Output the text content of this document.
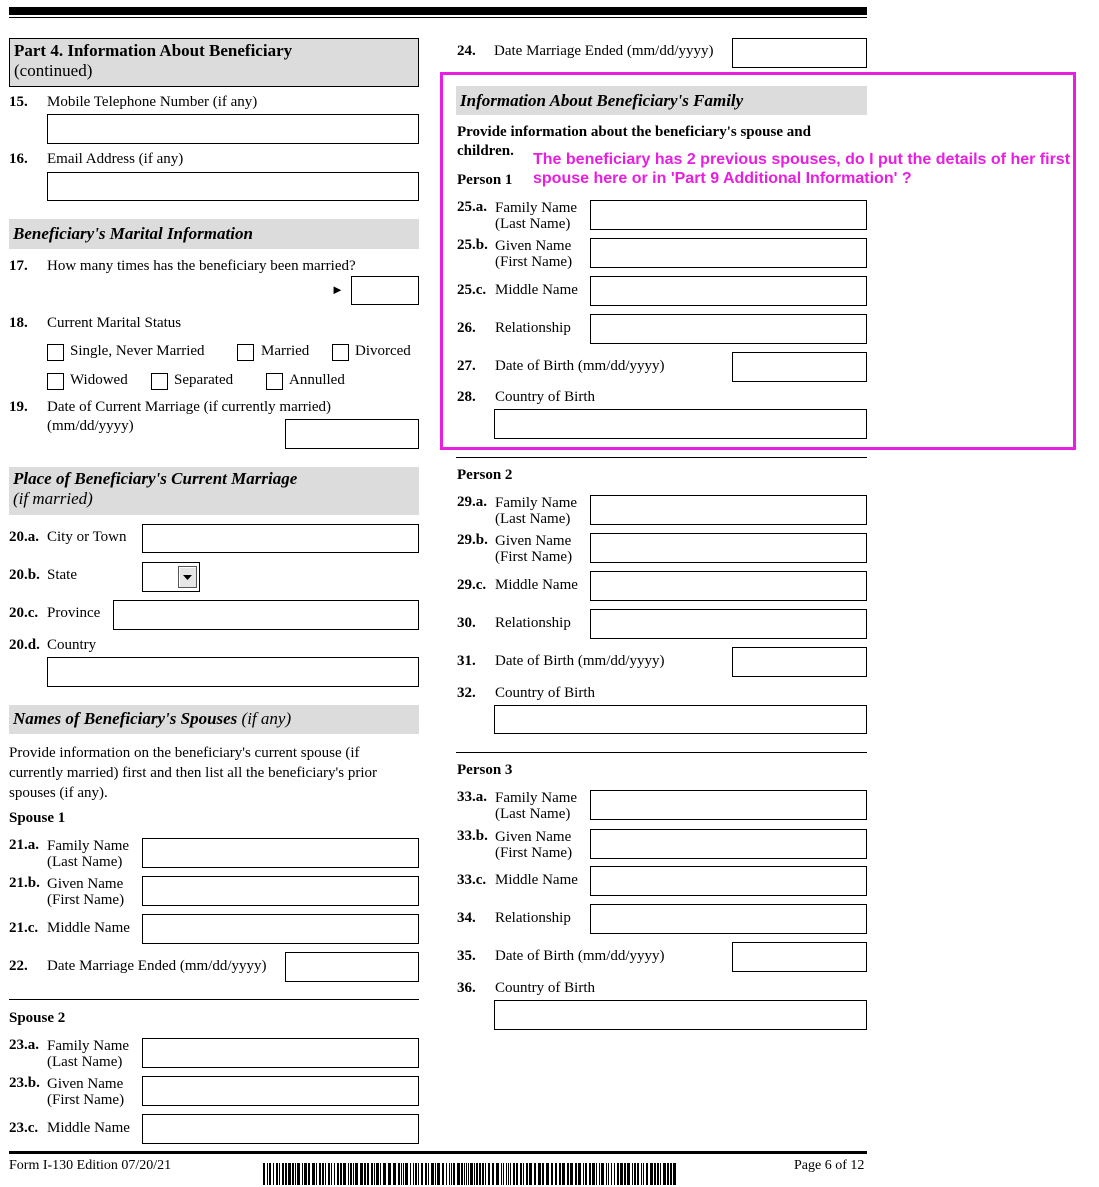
Part 4. Information About Beneficiary
(continued)
15. Mobile Telephone Number (if any)
16. Email Address (if any)
Beneficiary's Marital Information
17. How many times has the beneficiary been married?
►
18. Current Marital Status
Single, Never Married	Married	Divorced
Widowed	Separated	Annulled
19. Date of Current Marriage (if currently married)
(mm/dd/yyyy)
Place of Beneficiary's Current Marriage
(if married)
20.a. City or Town
20.b. State
20.c. Province
20.d. Country
Names of Beneficiary's Spouses (if any)
Provide information on the beneficiary's current spouse (if
currently married) first and then list all the beneficiary's prior
spouses (if any).
Spouse 1
21.a. Family Name
(Last Name)
21.b. Given Name
(First Name)
21.c. Middle Name
22. Date Marriage Ended (mm/dd/yyyy)
Spouse 2
23.a. Family Name
(Last Name)
23.b. Given Name
(First Name)
23.c. Middle Name
24. Date Marriage Ended (mm/dd/yyyy)
Information About Beneficiary's Family
Provide information about the beneficiary's spouse and
children. The beneficiary has 2 previous spouses, do I put the details of her first
spouse here or in 'Part 9 Additional Information' ?
Person 1
25.a. Family Name
(Last Name)
25.b. Given Name
(First Name)
25.c. Middle Name
26. Relationship
27. Date of Birth (mm/dd/yyyy)
28. Country of Birth
Person 2
29.a. Family Name
(Last Name)
29.b. Given Name
(First Name)
29.c. Middle Name
30. Relationship
31. Date of Birth (mm/dd/yyyy)
32. Country of Birth
Person 3
33.a. Family Name
(Last Name)
33.b. Given Name
(First Name)
33.c. Middle Name
34. Relationship
35. Date of Birth (mm/dd/yyyy)
36. Country of Birth
Form I-130 Edition 07/20/21	Page 6 of 12
